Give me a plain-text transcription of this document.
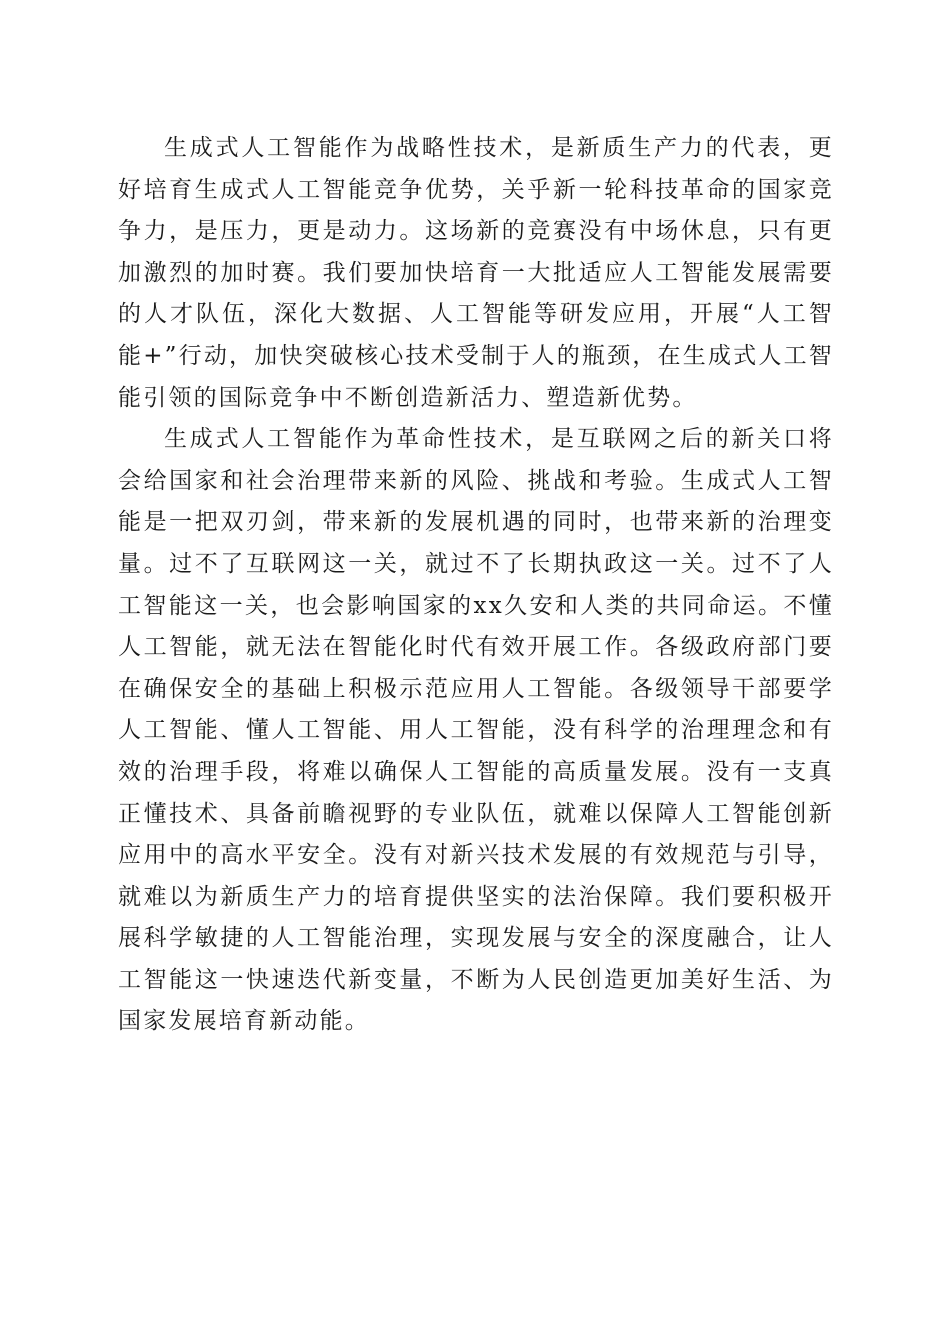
生成式人工智能作为战略性技术，是新质生产力的代表，更好培育生成式人工智能竞争优势，关乎新一轮科技革命的国家竞争力，是压力，更是动力。这场新的竞赛没有中场休息，只有更加激烈的加时赛。我们要加快培育一大批适应人工智能发展需要的人才队伍，深化大数据、人工智能等研发应用，开展“人工智能+”行动，加快突破核心技术受制于人的瓶颈，在生成式人工智能引领的国际竞争中不断创造新活力、塑造新优势。

生成式人工智能作为革命性技术，是互联网之后的新关口将会给国家和社会治理带来新的风险、挑战和考验。生成式人工智能是一把双刃剑，带来新的发展机遇的同时，也带来新的治理变量。过不了互联网这一关，就过不了长期执政这一关。过不了人工智能这一关，也会影响国家的xx久安和人类的共同命运。不懂人工智能，就无法在智能化时代有效开展工作。各级政府部门要在确保安全的基础上积极示范应用人工智能。各级领导干部要学人工智能、懂人工智能、用人工智能，没有科学的治理理念和有效的治理手段，将难以确保人工智能的高质量发展。没有一支真正懂技术、具备前瞻视野的专业队伍，就难以保障人工智能创新应用中的高水平安全。没有对新兴技术发展的有效规范与引导，就难以为新质生产力的培育提供坚实的法治保障。我们要积极开展科学敏捷的人工智能治理，实现发展与安全的深度融合，让人工智能这一快速迭代新变量，不断为人民创造更加美好生活、为国家发展培育新动能。
